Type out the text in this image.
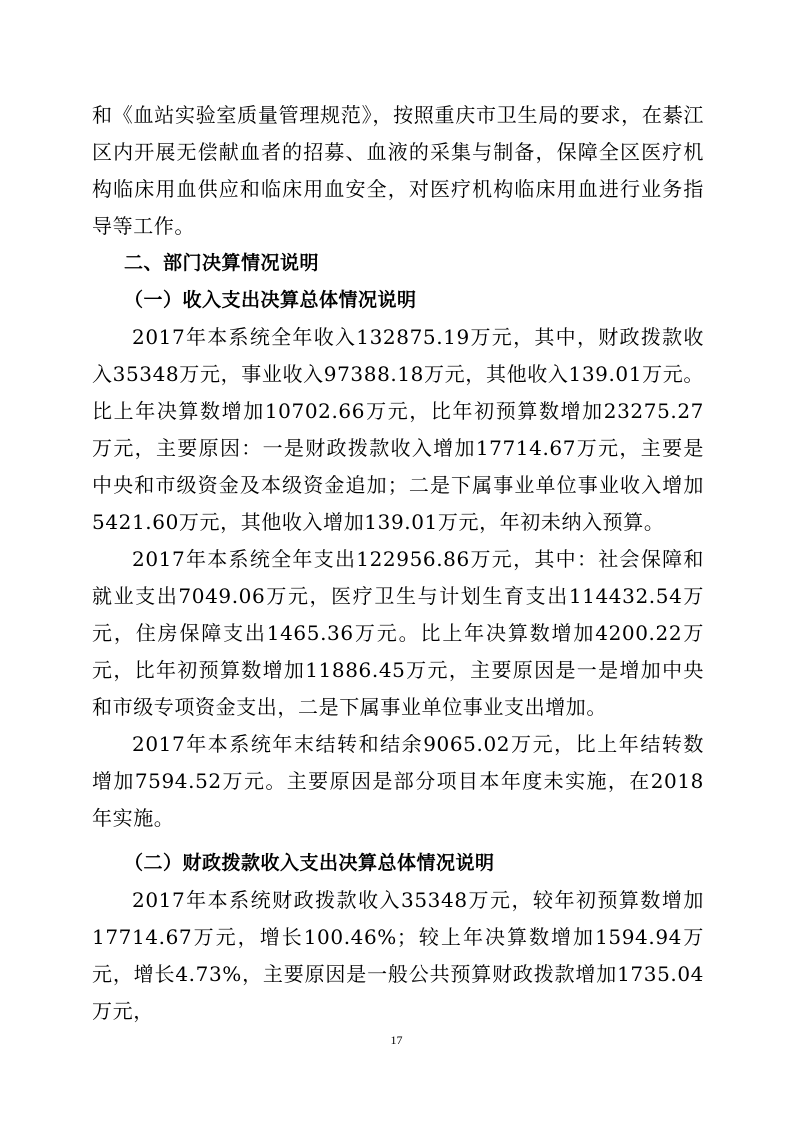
和《血站实验室质量管理规范》，按照重庆市卫生局的要求，在綦江区内开展无偿献血者的招募、血液的采集与制备，保障全区医疗机构临床用血供应和临床用血安全，对医疗机构临床用血进行业务指导等工作。

二、部门决算情况说明
（一）收入支出决算总体情况说明

2017年本系统全年收入132875.19万元，其中，财政拨款收入35348万元，事业收入97388.18万元，其他收入139.01万元。比上年决算数增加10702.66万元，比年初预算数增加23275.27万元，主要原因：一是财政拨款收入增加17714.67万元，主要是中央和市级资金及本级资金追加；二是下属事业单位事业收入增加5421.60万元，其他收入增加139.01万元，年初未纳入预算。

2017年本系统全年支出122956.86万元，其中：社会保障和就业支出7049.06万元，医疗卫生与计划生育支出114432.54万元，住房保障支出1465.36万元。比上年决算数增加4200.22万元，比年初预算数增加11886.45万元，主要原因是一是增加中央和市级专项资金支出，二是下属事业单位事业支出增加。

2017年本系统年末结转和结余9065.02万元，比上年结转数增加7594.52万元。主要原因是部分项目本年度未实施，在2018年实施。

（二）财政拨款收入支出决算总体情况说明

2017年本系统财政拨款收入35348万元，较年初预算数增加17714.67万元，增长100.46%；较上年决算数增加1594.94万元，增长4.73%，主要原因是一般公共预算财政拨款增加1735.04万元，

17
